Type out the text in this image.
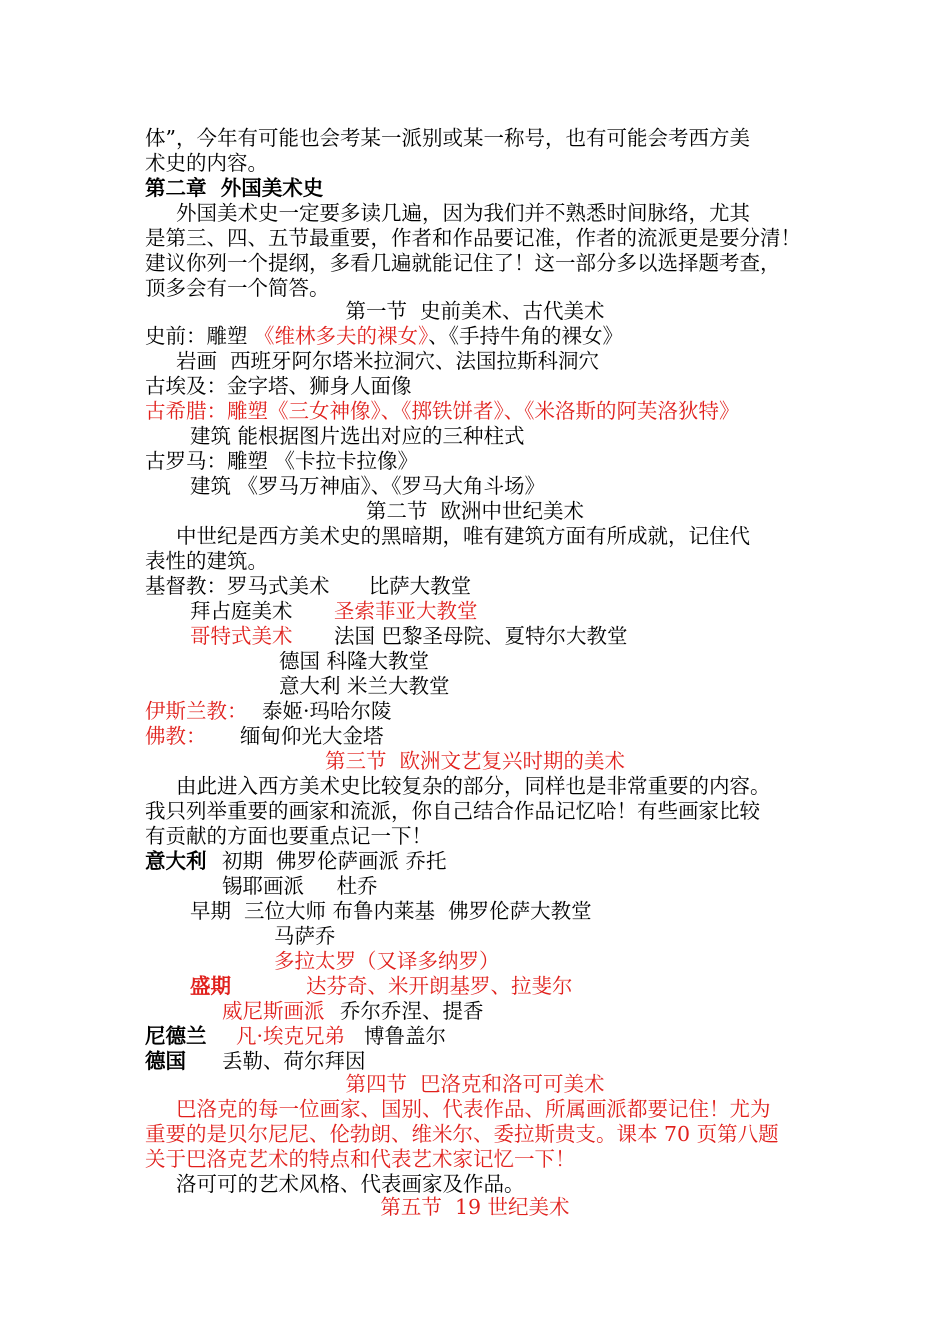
体”，今年有可能也会考某一派别或某一称号，也有可能会考西方美
术史的内容。
第二章  外国美术史
外国美术史一定要多读几遍，因为我们并不熟悉时间脉络，尤其
是第三、四、五节最重要，作者和作品要记准，作者的流派更是要分清！
建议你列一个提纲，多看几遍就能记住了！这一部分多以选择题考查，
顶多会有一个简答。
第一节  史前美术、古代美术
史前：雕塑 《维林多夫的裸女》、《手持牛角的裸女》
岩画  西班牙阿尔塔米拉洞穴、法国拉斯科洞穴
古埃及：金字塔、狮身人面像
古希腊：雕塑《三女神像》、《掷铁饼者》、《米洛斯的阿芙洛狄特》
建筑 能根据图片选出对应的三种柱式
古罗马：雕塑 《卡拉卡拉像》
建筑 《罗马万神庙》、《罗马大角斗场》
第二节  欧洲中世纪美术
中世纪是西方美术史的黑暗期，唯有建筑方面有所成就，记住代
表性的建筑。
基督教：罗马式美术      比萨大教堂
拜占庭美术 圣索菲亚大教堂
哥特式美术 法国 巴黎圣母院、夏特尔大教堂
德国 科隆大教堂
意大利 米兰大教堂
伊斯兰教： 泰姬·玛哈尔陵
佛教： 缅甸仰光大金塔
第三节  欧洲文艺复兴时期的美术
由此进入西方美术史比较复杂的部分，同样也是非常重要的内容。
我只列举重要的画家和流派，你自己结合作品记忆哈！有些画家比较
有贡献的方面也要重点记一下！
意大利 初期  佛罗伦萨画派 乔托
锡耶画派     杜乔
早期  三位大师 布鲁内莱基  佛罗伦萨大教堂
马萨乔
多拉太罗（又译多纳罗）
盛期	达芬奇、米开朗基罗、拉斐尔
威尼斯画派 乔尔乔涅、提香
尼德兰 凡·埃克兄弟 博鲁盖尔
德国 丢勒、荷尔拜因
第四节  巴洛克和洛可可美术
巴洛克的每一位画家、国别、代表作品、所属画派都要记住！尤为
重要的是贝尔尼尼、伦勃朗、维米尔、委拉斯贵支。课本 70 页第八题
关于巴洛克艺术的特点和代表艺术家记忆一下！
洛可可的艺术风格、代表画家及作品。
第五节  19 世纪美术
